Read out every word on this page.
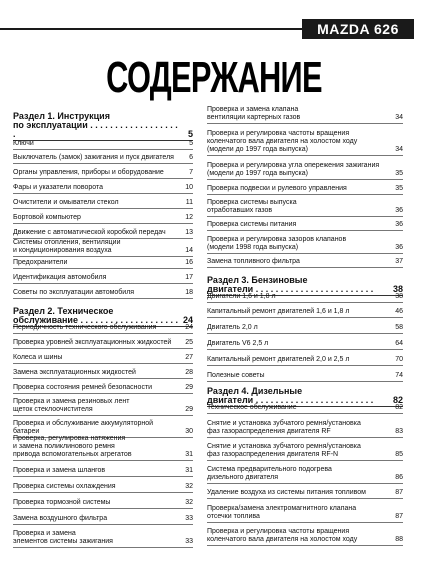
MAZDA 626
СОДЕРЖАНИЕ
Раздел 1. Инструкция
по эксплуатации . . . . . . . . . . . . . . . . . . .	5
Ключи	5
Выключатель (замок) зажигания и пуск двигателя	6
Органы управления, приборы и оборудование	7
Фары и указатели поворота	10
Очистители и омыватели стекол	11
Бортовой компьютер	12
Движение с автоматической коробкой передач	13
Системы отопления, вентиляции
и кондиционирования воздуха	14
Предохранители	16
Идентификация автомобиля	17
Советы по эксплуатации автомобиля	18
Раздел 2. Техническое
обслуживание . . . . . . . . . . . . . . . . . . . . 24
Периодичность технического обслуживания	24
Проверка уровней эксплуатационных жидкостей	25
Колеса и шины	27
Замена эксплуатационных жидкостей	28
Проверка состояния ремней безопасности	29
Проверка и замена резиновых лент
щеток стеклоочистителя	29
Проверка и обслуживание аккумуляторной батареи	30
Проверка, регулировка натяжения
и замена поликлинового ремня
привода вспомогательных агрегатов	31
Проверка и замена шлангов	31
Проверка системы охлаждения	32
Проверка тормозной системы	32
Замена воздушного фильтра	33
Проверка и замена
элементов системы зажигания	33
Проверка и замена клапана
вентиляции картерных газов	34
Проверка и регулировка частоты вращения
коленчатого вала двигателя на холостом ходу
(модели до 1997 года выпуска)	34
Проверка и регулировка угла опережения зажигания
(модели до 1997 года выпуска)	35
Проверка подвески и рулевого управления	35
Проверка системы выпуска
отработавших газов	36
Проверка системы питания	36
Проверка и регулировка зазоров клапанов
(модели 1998 года выпуска)	36
Замена топливного фильтра	37
Раздел 3. Бензиновые
двигатели . . . . . . . . . . . . . . . . . . . . . . . .	38
Двигатели 1,6 и 1,8 л	38
Капитальный ремонт двигателей 1,6 и 1,8 л	46
Двигатель 2,0 л	58
Двигатель V6 2,5 л	64
Капитальный ремонт двигателей 2,0 и 2,5 л	70
Полезные советы	74
Раздел 4. Дизельные
двигатели . . . . . . . . . . . . . . . . . . . . . . . .	82
Техническое обслуживание	82
Снятие и установка зубчатого ремня/установка
фаз газораспределения двигателя RF	83
Снятие и установка зубчатого ремня/установка
фаз газораспределения двигателя RF-N	85
Система предварительного подогрева
дизельного двигателя	86
Удаление воздуха из системы питания топливом	87
Проверка/замена электромагнитного клапана
отсечки топлива	87
Проверка и регулировка частоты вращения
коленчатого вала двигателя на холостом ходу	88
